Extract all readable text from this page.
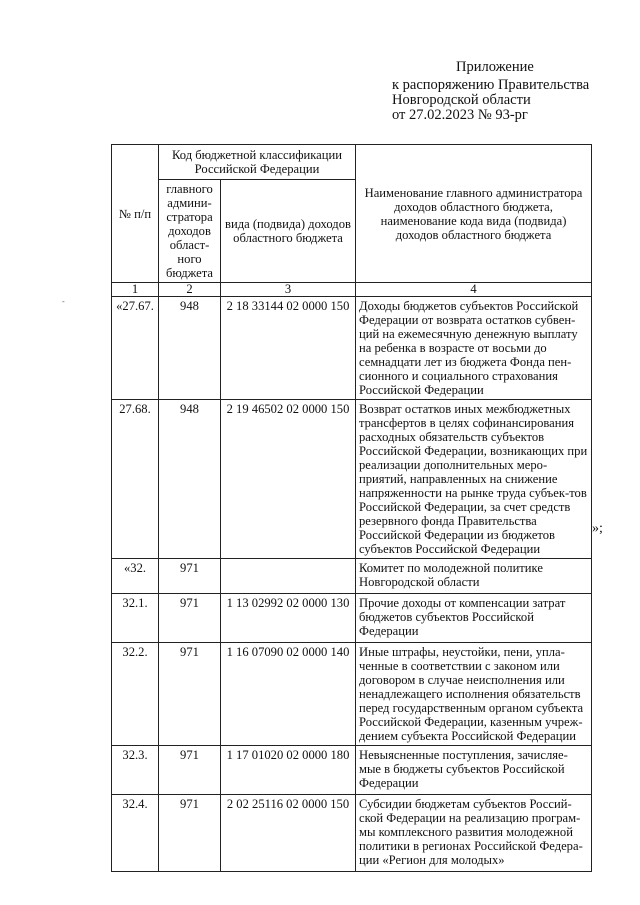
Приложение
к распоряжению Правительства
Новгородской области
от 27.02.2023 № 93-рг
-
№ п/п	Код бюджетной классификации Российской Федерации		Наименование главного администратора доходов областного бюджета, наименование кода вида (подвида) доходов областного бюджета
	главного админи-стратора доходов област-ного бюджета	вида (подвида) доходов областного бюджета	
1	2	3	4
«27.67.	948	2 18 33144 02 0000 150	Доходы бюджетов субъектов Российской Федерации от возврата остатков субвен-ций на ежемесячную денежную выплату на ребенка в возрасте от восьми до семнадцати лет из бюджета Фонда пен-сионного и социального страхования Российской Федерации
27.68.	948	2 19 46502 02 0000 150	Возврат остатков иных межбюджетных трансфертов в целях софинансирования расходных обязательств субъектов Российской Федерации, возникающих при реализации дополнительных меро-приятий, направленных на снижение напряженности на рынке труда субъек-тов Российской Федерации, за счет средств резервного фонда Правительства Российской Федерации из бюджетов субъектов Российской Федерации
«32.	971		Комитет по молодежной политике Новгородской области
32.1.	971	1 13 02992 02 0000 130	Прочие доходы от компенсации затрат бюджетов субъектов Российской Федерации
32.2.	971	1 16 07090 02 0000 140	Иные штрафы, неустойки, пени, упла-ченные в соответствии с законом или договором в случае неисполнения или ненадлежащего исполнения обязательств перед государственным органом субъекта Российской Федерации, казенным учреж-дением субъекта Российской Федерации
32.3.	971	1 17 01020 02 0000 180	Невыясненные поступления, зачисляе-мые в бюджеты субъектов Российской Федерации
32.4.	971	2 02 25116 02 0000 150	Субсидии бюджетам субъектов Россий-ской Федерации на реализацию програм-мы комплексного развития молодежной политики в регионах Российской Федера-ции «Регион для молодых»
»;
